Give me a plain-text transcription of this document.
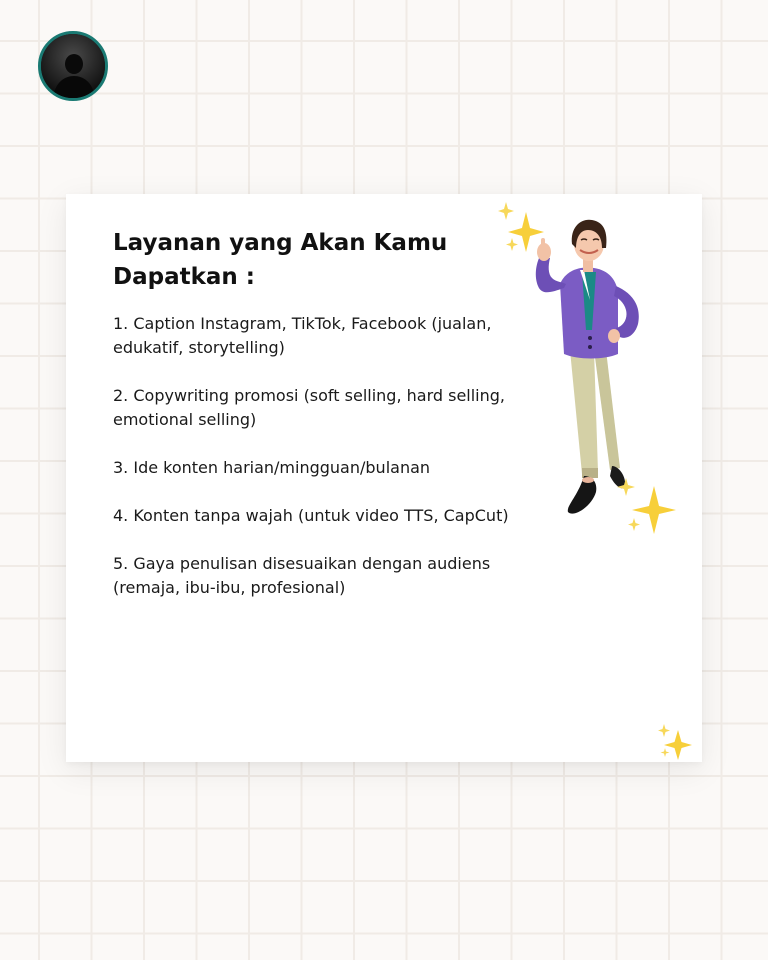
Layanan yang Akan Kamu Dapatkan :
1. Caption Instagram, TikTok, Facebook (jualan, edukatif, storytelling)
2. Copywriting promosi (soft selling, hard selling, emotional selling)
3. Ide konten harian/mingguan/bulanan
4. Konten tanpa wajah (untuk video TTS, CapCut)
5. Gaya penulisan disesuaikan dengan audiens (remaja, ibu-ibu, profesional)
